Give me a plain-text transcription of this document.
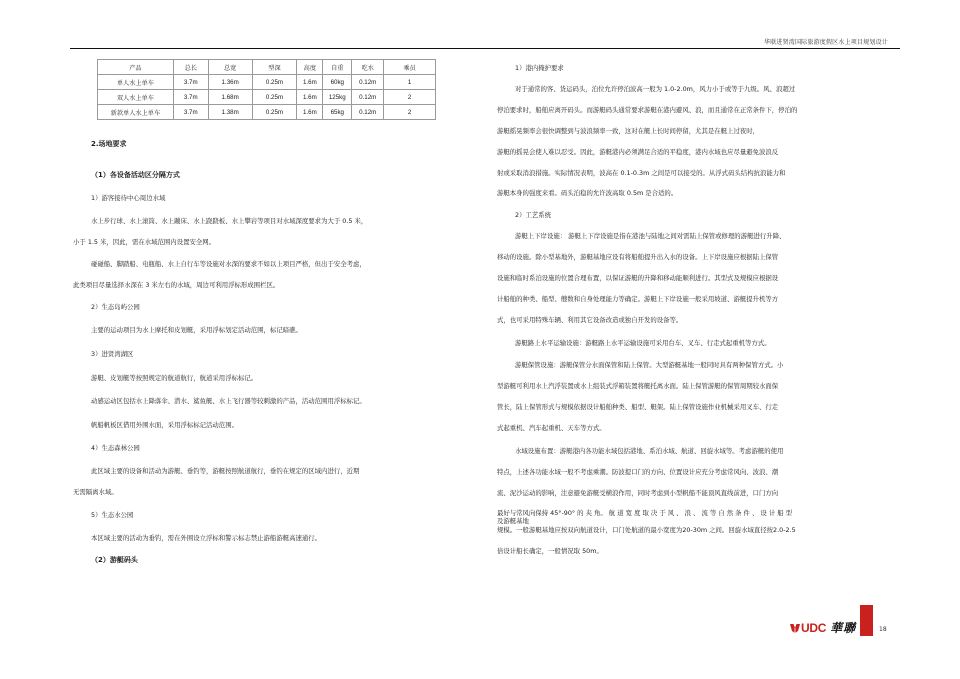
华联进贤湾国际旅游度假区水上项目规划设计
产品	总长	总宽	型深	高度	自重	吃水	乘员
单人水上单车	3.7m	1.36m	0.25m	1.6m	60kg	0.12m	1
双人水上单车	3.7m	1.68m	0.25m	1.6m	125kg	0.12m	2
新款单人水上单车	3.7m	1.38m	0.25m	1.6m	65kg	0.12m	2
2.场地要求
（1）各设备活动区分隔方式
1）游客接待中心周边水域
水上步行球、水上滚筒、水上蹦床、水上跷跷板、水上攀岩等项目对水域深度要求为大于 0.5 米，
小于 1.5 米，因此，需在水域范围内设置安全网。
碰碰船、脚踏船、电瓶船、水上自行车等设施对水深的要求不如以上项目严格，但出于安全考虑，
此类项目尽量选择水深在 3 米左右的水域，周边可利用浮标形成围栏区。
2）生态岛屿公园
主要的运动项目为水上摩托和皮划艇，采用浮标划定活动范围，标记暗礁。
3）进贤湾湖区
游艇、皮划艇等按照规定的航道航行，航道采用浮标标记。
动感运动区包括水上降落伞、潜水、鲨鱼艇、水上飞行器等较刺激的产品，活动范围用浮标标记。
帆船帆板区借用外围水面，采用浮标标记活动范围。
4）生态森林公园
此区域主要的设备和活动为游艇、垂钓等，游艇按照航道航行，垂钓在规定的区域内进行，近期
无需隔离水域。
5）生态水公园
本区域主要的活动为垂钓，需在外围设立浮标和警示标志禁止游船游艇高速通行。
（2）游艇码头
1）港内掩护要求
对于通常的客、货运码头，泊位允许停泊波高一般为 1.0-2.0m，风力小于或等于九级。风、浪超过
停泊要求时，船舶应离开码头。而游艇码头通常要求游艇在港内避风、浪，而且通常在正常条件下，停泊的
游艇摇晃频率会很快调整到与波浪频率一致，这对在艇上长时间停留，尤其是在艇上过夜时，
游艇的摇晃会使人难以忍受。因此，游艇港内必须满足合适的平稳度，港内水域也应尽量避免波浪反
射或采取消浪措施。实际情况表明，波高在 0.1-0.3m 之间是可以接受的。从浮式码头结构抗浪能力和
游艇本身的强度来看。码头泊稳的允许波高取 0.5m 是合适的。
2）工艺系统
游艇上下岸设施： 游艇上下岸设施是指在港池与陆地之间对需陆上保管或修理的游艇进行升降、
移动的设施。除小型基地外，游艇基地应设有将船舶提升出入水的设备。上下岸设施应根据陆上保管
设施和临时系泊设施的位置合理布置，以保证游艇的升降和移动能顺利进行。其型式及规模应根据设
计船舶的种类、船型、艘数和自身处理能力等确定。游艇上下岸设施一般采用坡道、游艇提升机等方
式，也可采用特殊车辆、利用其它设备改造或独自开发的设备等。
游艇路上水平运输设施：游艇路上水平运输设施可采用台车、叉车、行走式起重机等方式。
游艇保管设施：游艇保管分水面保管和陆上保管。大型游艇基地一般同时具有两种保管方式。小
型游艇可利用水上汽浮装置或水上组装式浮箱装置将艇托离水面。陆上保管游艇的保管周期较水面保
管长，陆上保管形式与规模依据设计船舶种类、船型、艇架。陆上保管设施作业机械采用叉车、行走
式起重机、汽车起重机、天车等方式。
水域设施布置：游艇港内各功能水域包括港地、系泊水域、航道、回旋水域等。考虑游艇的使用
特点，上述各功能水域一般不考虑乘潮。防波提口门的方向、位置设计应充分考虑常风向、波浪、潮
流、泥沙运动的影响，注意避免游艇受横浪作用，同时考虑到小型帆船不能顶风直线前进，口门方向
最好与常风向保持 45°-90° 的 夹 角。 航 道 宽 度 取 决 于 风 、 浪 、 流 等 自 然 条 件 、 设 计 船 型
及游艇基地
规模。一般游艇基地应按双向航道设计，口门处航道的最小宽度为20-30m 之间。回旋水域直径按2.0-2.5
倍设计船长确定，一般情况取 50m。
UDC 華聯	18
